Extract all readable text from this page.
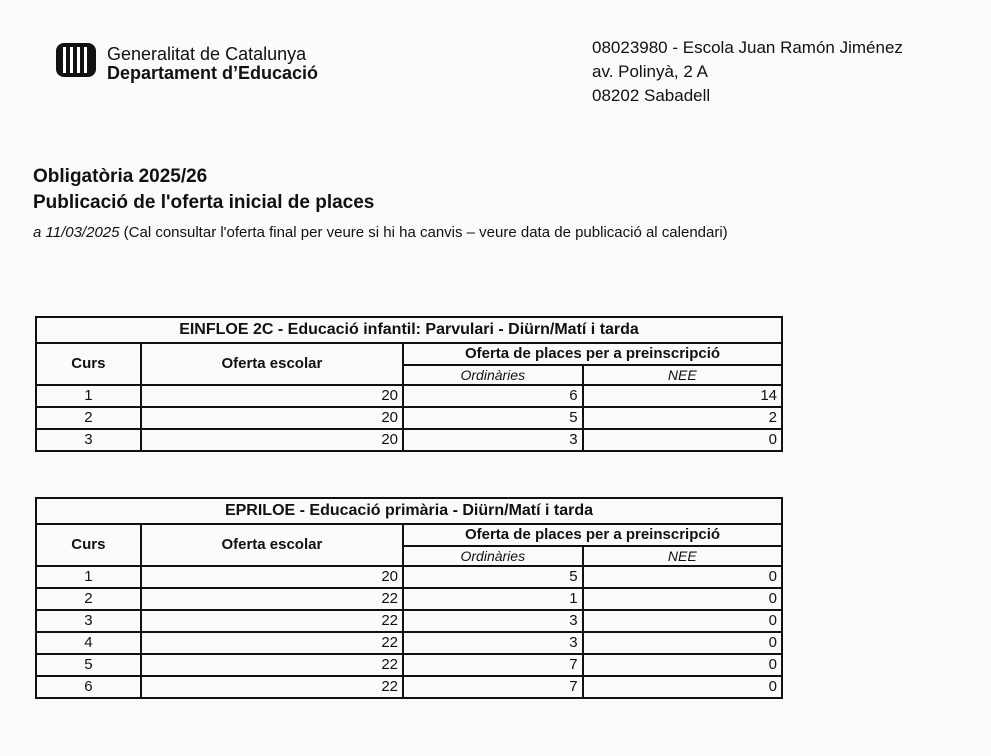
Generalitat de Catalunya
Departament d’Educació
08023980 - Escola Juan Ramón Jiménez
av. Polinyà, 2 A
08202 Sabadell
Obligatòria 2025/26
Publicació de l'oferta inicial de places
a 11/03/2025 (Cal consultar l'oferta final per veure si hi ha canvis – veure data de publicació al calendari)
EINFLOE 2C - Educació infantil: Parvulari - Diürn/Matí i tarda			
Curs	Oferta escolar	Oferta de places per a preinscripció	
		Ordinàries	NEE
1	20	6	14
2	20	5	2
3	20	3	0
EPRILOE - Educació primària - Diürn/Matí i tarda			
Curs	Oferta escolar	Oferta de places per a preinscripció	
		Ordinàries	NEE
1	20	5	0
2	22	1	0
3	22	3	0
4	22	3	0
5	22	7	0
6	22	7	0
